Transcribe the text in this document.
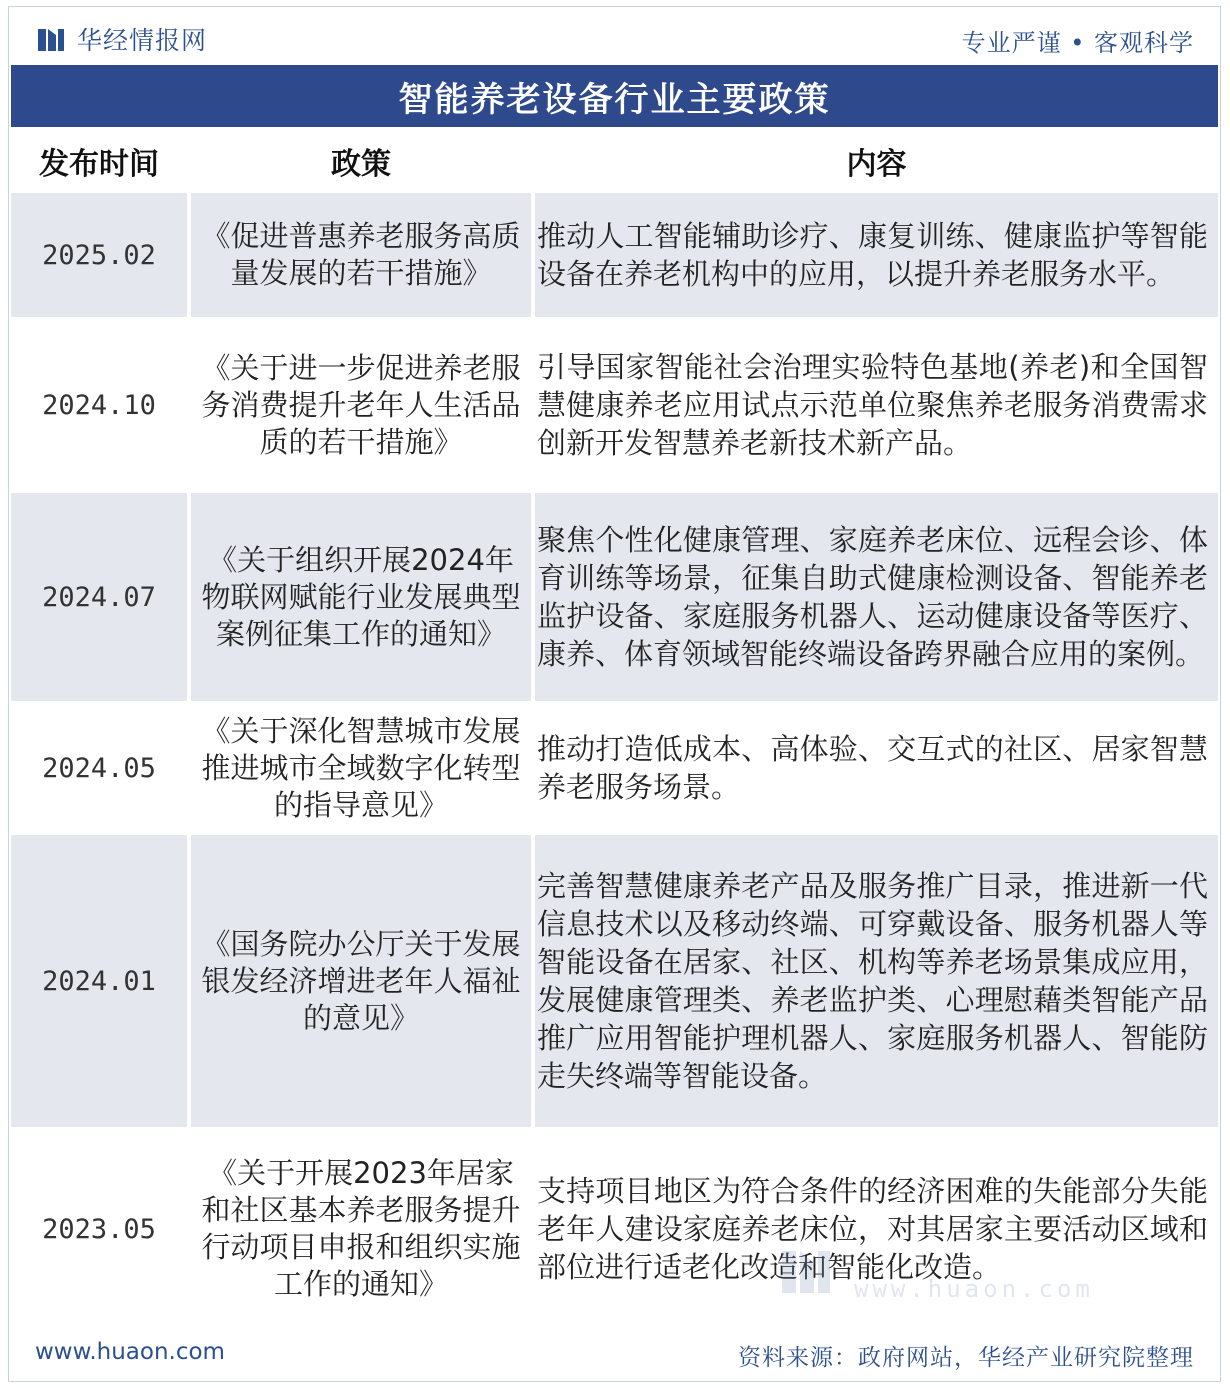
华经情报网	专业严谨 • 客观科学
智能养老设备行业主要政策
发布时间	政策	内容
2025.02
《促进普惠养老服务高质量发展的若干措施》
推动人工智能辅助诊疗、康复训练、健康监护等智能设备在养老机构中的应用，以提升养老服务水平。
2024.10
《关于进一步促进养老服务消费提升老年人生活品质的若干措施》
引导国家智能社会治理实验特色基地(养老)和全国智慧健康养老应用试点示范单位聚焦养老服务消费需求创新开发智慧养老新技术新产品。
2024.07
《关于组织开展2024年物联网赋能行业发展典型案例征集工作的通知》
聚焦个性化健康管理、家庭养老床位、远程会诊、体育训练等场景，征集自助式健康检测设备、智能养老监护设备、家庭服务机器人、运动健康设备等医疗、康养、体育领域智能终端设备跨界融合应用的案例。
2024.05
《关于深化智慧城市发展 推进城市全域数字化转型的指导意见》
推动打造低成本、高体验、交互式的社区、居家智慧养老服务场景。
2024.01
《国务院办公厅关于发展银发经济增进老年人福祉的意见》
完善智慧健康养老产品及服务推广目录，推进新一代信息技术以及移动终端、可穿戴设备、服务机器人等智能设备在居家、社区、机构等养老场景集成应用，发展健康管理类、养老监护类、心理慰藉类智能产品推广应用智能护理机器人、家庭服务机器人、智能防走失终端等智能设备。
2023.05
《关于开展2023年居家和社区基本养老服务提升行动项目申报和组织实施工作的通知》
支持项目地区为符合条件的经济困难的失能部分失能老年人建设家庭养老床位，对其居家主要活动区域和部位进行适老化改造和智能化改造。
www.huaon.com
www.huaon.com	资料来源：政府网站，华经产业研究院整理
